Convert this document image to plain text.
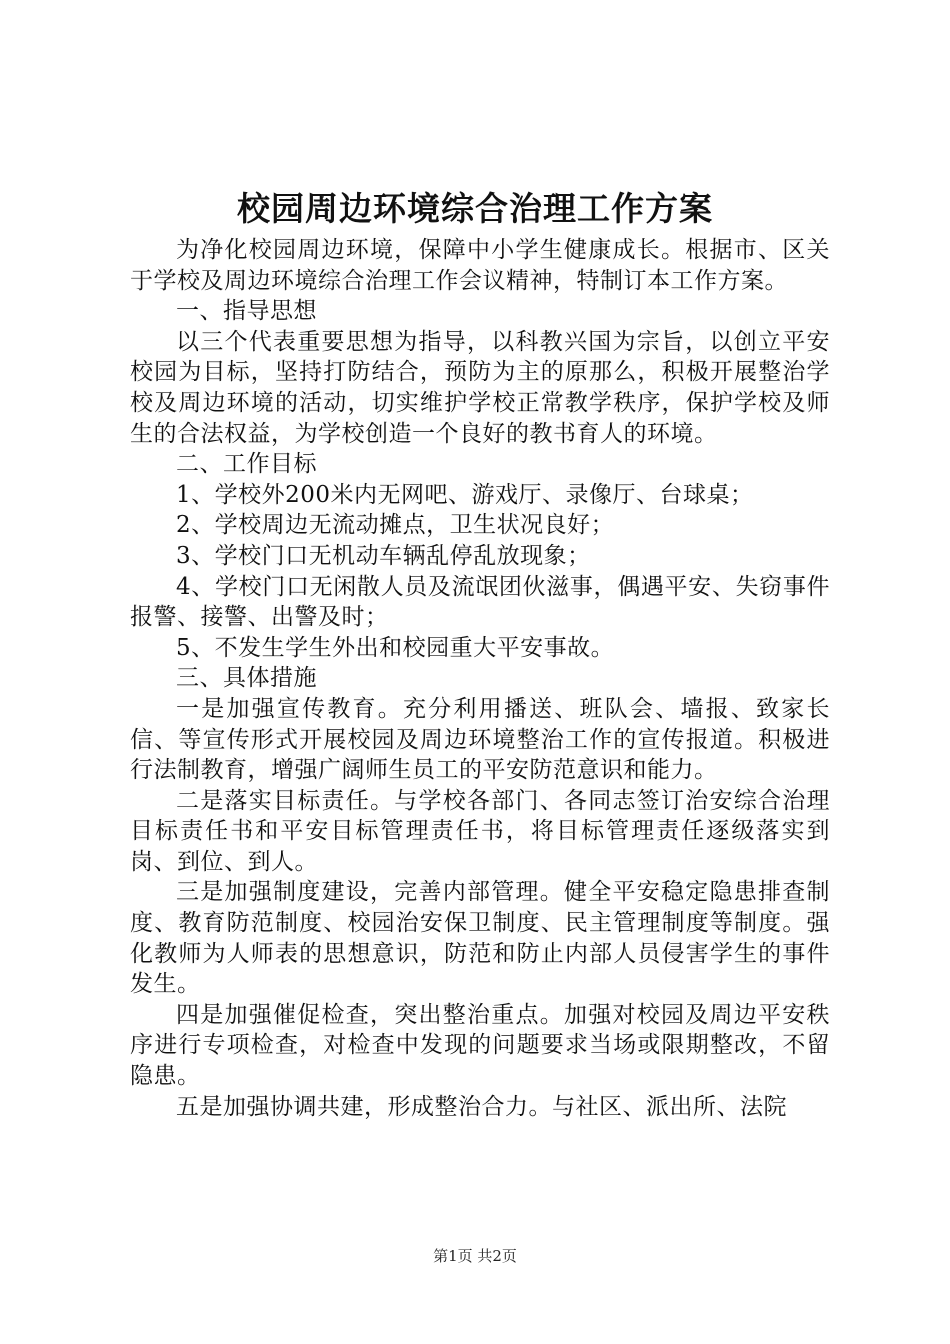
校园周边环境综合治理工作方案

为净化校园周边环境，保障中小学生健康成长。根据市、区关于学校及周边环境综合治理工作会议精神，特制订本工作方案。

一、指导思想

以三个代表重要思想为指导，以科教兴国为宗旨，以创立平安校园为目标，坚持打防结合，预防为主的原那么，积极开展整治学校及周边环境的活动，切实维护学校正常教学秩序，保护学校及师生的合法权益，为学校创造一个良好的教书育人的环境。

二、工作目标

1、学校外200米内无网吧、游戏厅、录像厅、台球桌；

2、学校周边无流动摊点，卫生状况良好；

3、学校门口无机动车辆乱停乱放现象；

4、学校门口无闲散人员及流氓团伙滋事，偶遇平安、失窃事件报警、接警、出警及时；

5、不发生学生外出和校园重大平安事故。

三、具体措施

一是加强宣传教育。充分利用播送、班队会、墙报、致家长信、等宣传形式开展校园及周边环境整治工作的宣传报道。积极进行法制教育，增强广阔师生员工的平安防范意识和能力。

二是落实目标责任。与学校各部门、各同志签订治安综合治理目标责任书和平安目标管理责任书，将目标管理责任逐级落实到岗、到位、到人。

三是加强制度建设，完善内部管理。健全平安稳定隐患排查制度、教育防范制度、校园治安保卫制度、民主管理制度等制度。强化教师为人师表的思想意识，防范和防止内部人员侵害学生的事件发生。

四是加强催促检查，突出整治重点。加强对校园及周边平安秩序进行专项检查，对检查中发现的问题要求当场或限期整改，不留隐患。

五是加强协调共建，形成整治合力。与社区、派出所、法院

第1页 共2页
